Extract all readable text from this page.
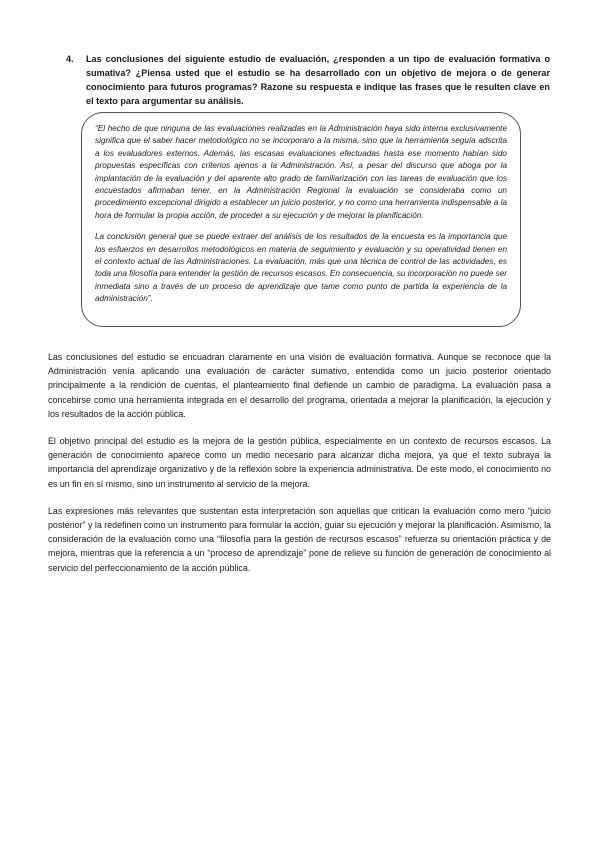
4.	Las conclusiones del siguiente estudio de evaluación, ¿responden a un tipo de evaluación formativa o sumativa? ¿Piensa usted que el estudio se ha desarrollado con un objetivo de mejora o de generar conocimiento para futuros programas? Razone su respuesta e indique las frases que le resulten clave en el texto para argumentar su análisis.

“El hecho de que ninguna de las evaluaciones realizadas en la Administración haya sido interna exclusivamente significa que el saber hacer metodológico no se incorporaro a la misma, sino que la herramienta seguía adscrita a los evaluadores externos. Además, las escasas evaluaciones efectuadas hasta ese momento habían sido propuestas específicas con criterios ajenos a la Administración. Así, a pesar del discurso que aboga por la implantación de la evaluación y del aparente alto grado de familiarización con las tareas de evaluación que los encuestados afirmaban tener, en la Administración Regional la evaluación se consideraba como un procedimiento excepcional dirigido a establecer un juicio posterior, y no como una herramienta indispensable a la hora de formular la propia acción, de proceder a su ejecución y de mejorar la planificación.

La conclusión general que se puede extraer del análisis de los resultados de la encuesta es la importancia que los esfuerzos en desarrollos metodológicos en materia de seguimiento y evaluación y su operatividad tienen en el contexto actual de las Administraciones. La evaluación, más que una técnica de control de las actividades, es toda una filosofía para entender la gestión de recursos escasos. En consecuencia, su incorporación no puede ser inmediata sino a través de un proceso de aprendizaje que tame como punto de partida la experiencia de la administración”.

Las conclusiones del estudio se encuadran claramente en una visión de evaluación formativa. Aunque se reconoce que la Administración venía aplicando una evaluación de carácter sumativo, entendida como un juicio posterior orientado principalmente a la rendición de cuentas, el planteamiento final defiende un cambio de paradigma. La evaluación pasa a concebirse como una herramienta integrada en el desarrollo del programa, orientada a mejorar la planificación, la ejecución y los resultados de la acción pública.

El objetivo principal del estudio es la mejora de la gestión pública, especialmente en un contexto de recursos escasos. La generación de conocimiento aparece como un medio necesario para alcanzar dicha mejora, ya que el texto subraya la importancia del aprendizaje organizativo y de la reflexión sobre la experiencia administrativa. De este modo, el conocimiento no es un fin en sí mismo, sino un instrumento al servicio de la mejora.

Las expresiones más relevantes que sustentan esta interpretación son aquellas que critican la evaluación como mero “juicio posterior” y la redefinen como un instrumento para formular la acción, guiar su ejecución y mejorar la planificación. Asimismo, la consideración de la evaluación como una “filosofía para la gestión de recursos escasos” refuerza su orientación práctica y de mejora, mientras que la referencia a un “proceso de aprendizaje” pone de relieve su función de generación de conocimiento al servicio del perfeccionamiento de la acción pública.
